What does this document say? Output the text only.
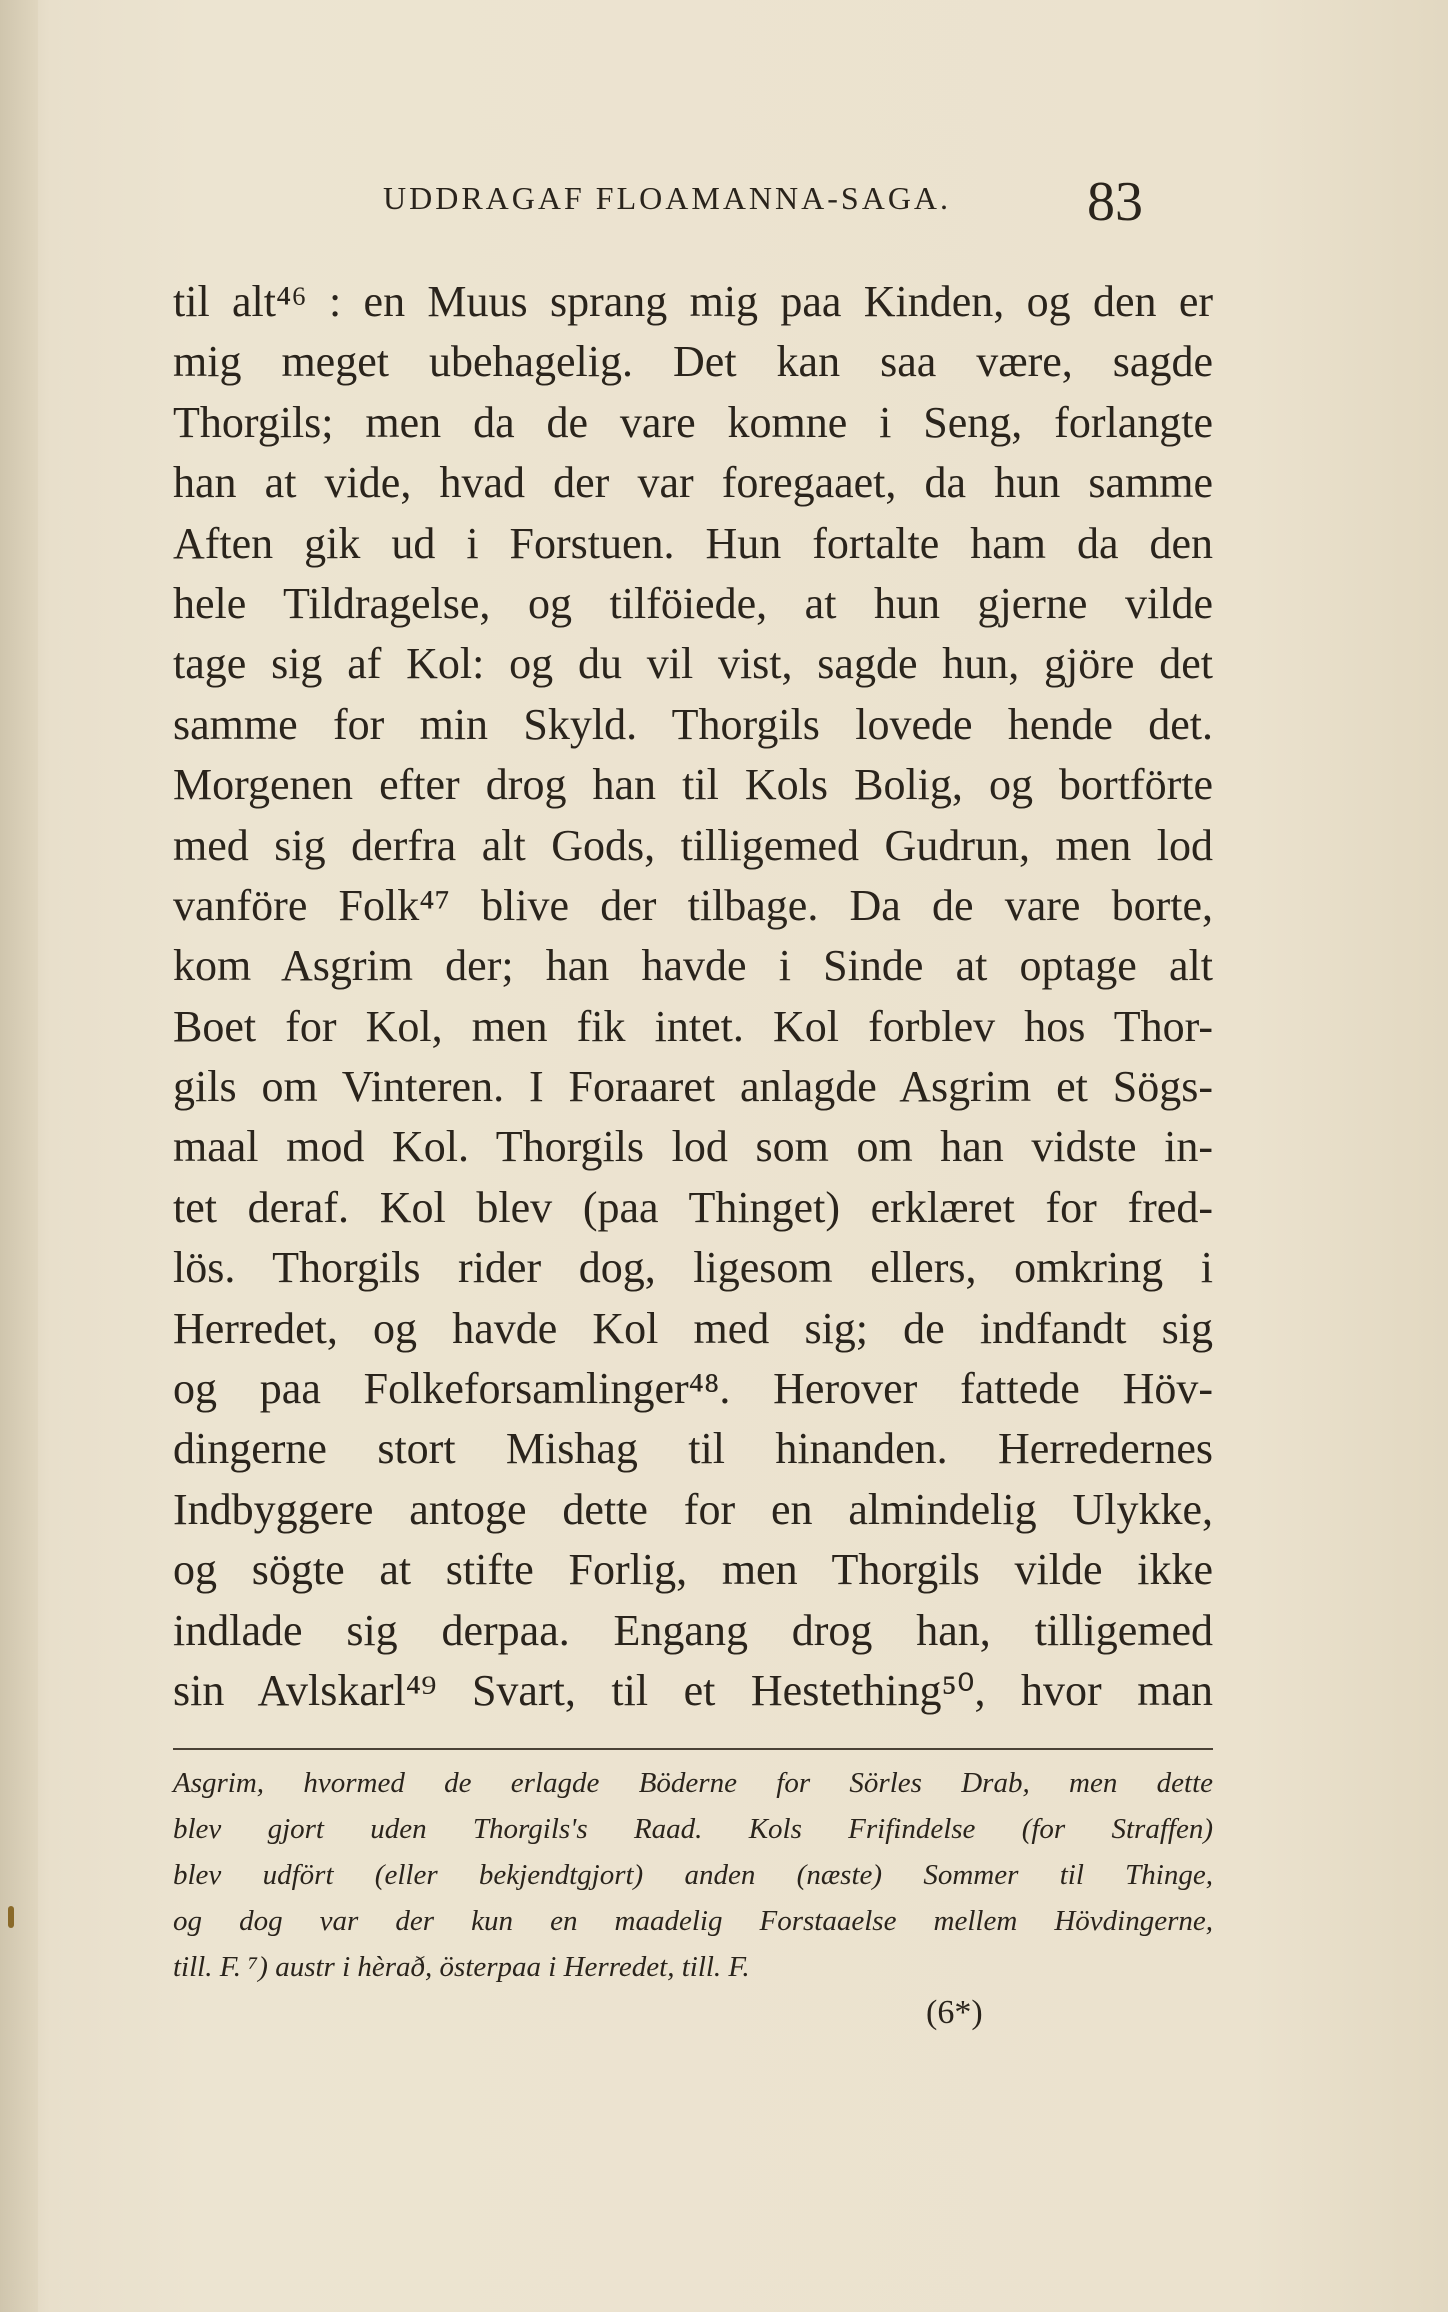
UDDRAGAF FLOAMANNA-SAGA. 83
til alt⁴⁶ : en Muus sprang mig paa Kinden, og den er
mig meget ubehagelig. Det kan saa være, sagde
Thorgils; men da de vare komne i Seng, forlangte
han at vide, hvad der var foregaaet, da hun samme
Aften gik ud i Forstuen. Hun fortalte ham da den
hele Tildragelse, og tilföiede, at hun gjerne vilde
tage sig af Kol: og du vil vist, sagde hun, gjöre det
samme for min Skyld. Thorgils lovede hende det.
Morgenen efter drog han til Kols Bolig, og bortförte
med sig derfra alt Gods, tilligemed Gudrun, men lod
vanföre Folk⁴⁷ blive der tilbage. Da de vare borte,
kom Asgrim der; han havde i Sinde at optage alt
Boet for Kol, men fik intet. Kol forblev hos Thor-
gils om Vinteren. I Foraaret anlagde Asgrim et Sögs-
maal mod Kol. Thorgils lod som om han vidste in-
tet deraf. Kol blev (paa Thinget) erklæret for fred-
lös. Thorgils rider dog, ligesom ellers, omkring i
Herredet, og havde Kol med sig; de indfandt sig
og paa Folkeforsamlinger⁴⁸. Herover fattede Höv-
dingerne stort Mishag til hinanden. Herredernes
Indbyggere antoge dette for en almindelig Ulykke,
og sögte at stifte Forlig, men Thorgils vilde ikke
indlade sig derpaa. Engang drog han, tilligemed
sin Avlskarl⁴⁹ Svart, til et Hestething⁵⁰, hvor man
Asgrim, hvormed de erlagde Böderne for Sörles Drab, men dette
blev gjort uden Thorgils's Raad. Kols Frifindelse (for Straffen)
blev udfört (eller bekjendtgjort) anden (næste) Sommer til Thinge,
og dog var der kun en maadelig Forstaaelse mellem Hövdingerne,
till. F. ⁷) austr i hèrað, österpaa i Herredet, till. F.
(6*)
